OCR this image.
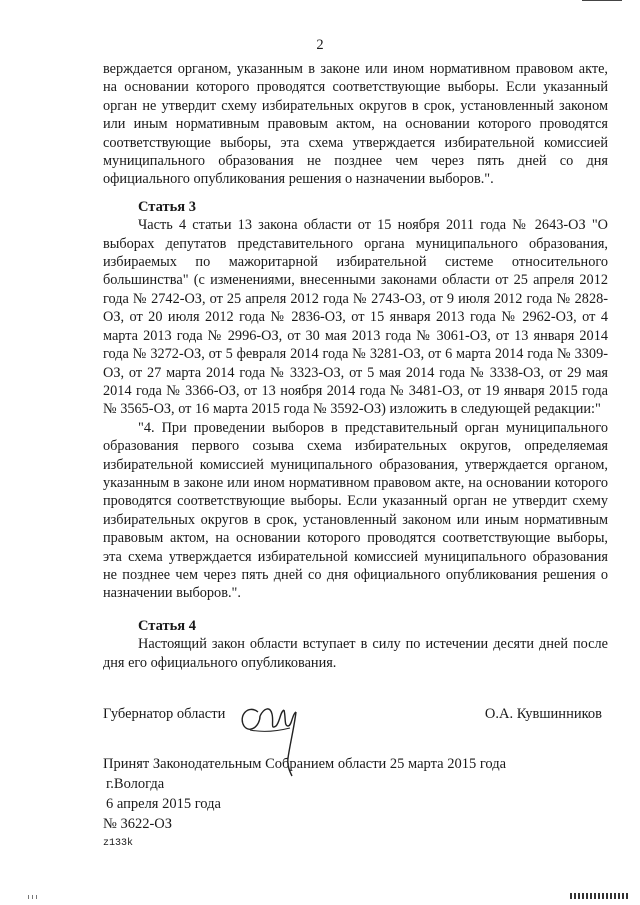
2

верждается органом, указанным в законе или ином нормативном правовом акте, на основании которого проводятся соответствующие выборы. Если указанный орган не утвердит схему избирательных округов в срок, установленный законом или иным нормативным правовым актом, на основании которого проводятся соответствующие выборы, эта схема утверждается избирательной комиссией муниципального образования не позднее чем через пять дней со дня официального опубликования решения о назначении выборов.".

Статья 3

Часть 4 статьи 13 закона области от 15 ноября 2011 года № 2643-ОЗ "О выборах депутатов представительного органа муниципального образования, избираемых по мажоритарной избирательной системе относительного большинства" (с изменениями, внесенными законами области от 25 апреля 2012 года № 2742-ОЗ, от 25 апреля 2012 года № 2743-ОЗ, от 9 июля 2012 года № 2828-ОЗ, от 20 июля 2012 года № 2836-ОЗ, от 15 января 2013 года № 2962-ОЗ, от 4 марта 2013 года № 2996-ОЗ, от 30 мая 2013 года № 3061-ОЗ, от 13 января 2014 года № 3272-ОЗ, от 5 февраля 2014 года № 3281-ОЗ, от 6 марта 2014 года № 3309-ОЗ, от 27 марта 2014 года № 3323-ОЗ, от 5 мая 2014 года № 3338-ОЗ, от 29 мая 2014 года № 3366-ОЗ, от 13 ноября 2014 года № 3481-ОЗ, от 19 января 2015 года № 3565-ОЗ, от 16 марта 2015 года № 3592-ОЗ) изложить в следующей редакции:"

"4. При проведении выборов в представительный орган муниципального образования первого созыва схема избирательных округов, определяемая избирательной комиссией муниципального образования, утверждается органом, указанным в законе или ином нормативном правовом акте, на основании которого проводятся соответствующие выборы. Если указанный орган не утвердит схему избирательных округов в срок, установленный законом или иным нормативным правовым актом, на основании которого проводятся соответствующие выборы, эта схема утверждается избирательной комиссией муниципального образования не позднее чем через пять дней со дня официального опубликования решения о назначении выборов.".

Статья 4

Настоящий закон области вступает в силу по истечении десяти дней после дня его официального опубликования.

Губернатор области	О.А. Кувшинников
Принят Законодательным Собранием области 25 марта 2015 года
г.Вологда
6 апреля 2015 года
№ 3622-ОЗ
z133k
